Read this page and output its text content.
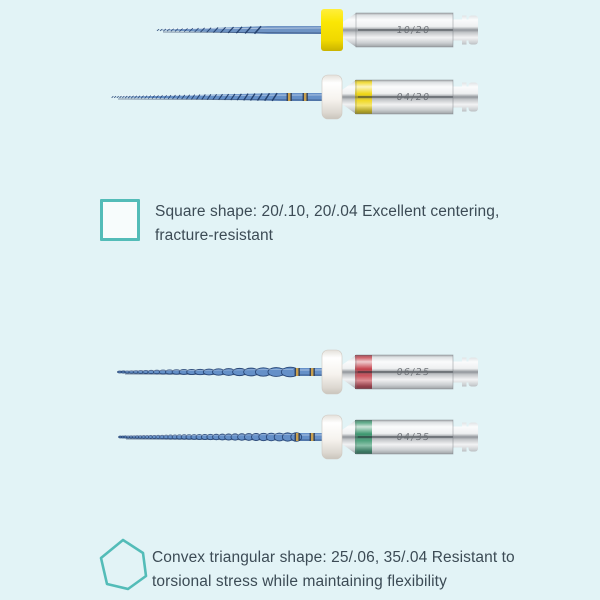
10/20
04/20
06/25
04/35
Square shape: 20/.10, 20/.04 Excellent centering,
fracture-resistant
Convex triangular shape: 25/.06, 35/.04 Resistant to
torsional stress while maintaining flexibility
